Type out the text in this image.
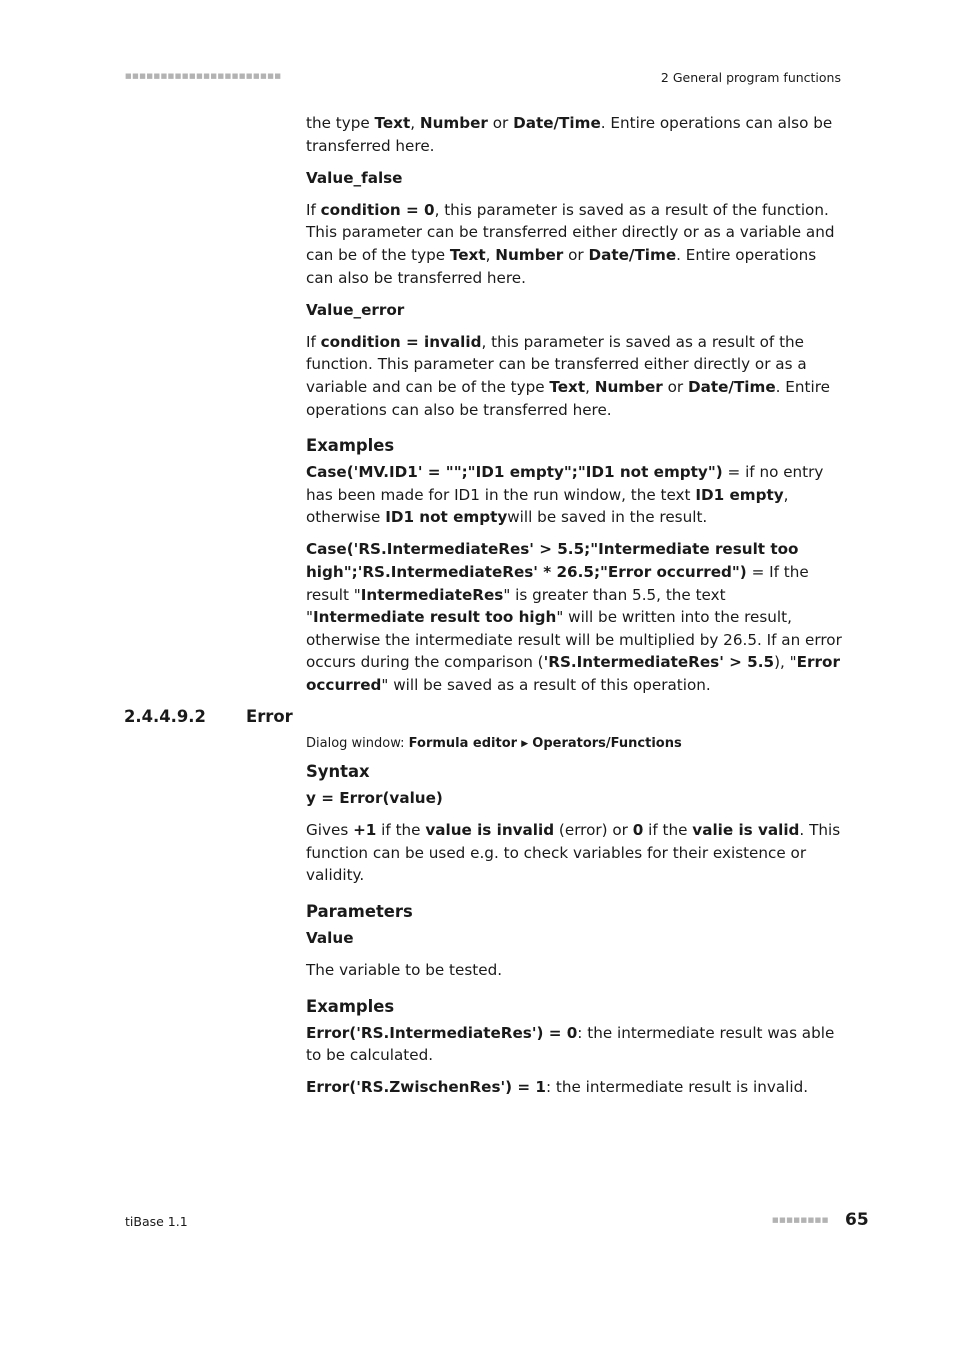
■■■■■■■■■■■■■■■■■■■■■■	2 General program functions

the type Text, Number or Date/Time. Entire operations can also be transferred here.

Value_false

If condition = 0, this parameter is saved as a result of the function. This parameter can be transferred either directly or as a variable and can be of the type Text, Number or Date/Time. Entire operations can also be transferred here.

Value_error

If condition = invalid, this parameter is saved as a result of the function. This parameter can be transferred either directly or as a variable and can be of the type Text, Number or Date/Time. Entire operations can also be transferred here.

Examples

Case('MV.ID1' = "";"ID1 empty";"ID1 not empty") = if no entry has been made for ID1 in the run window, the text ID1 empty, otherwise ID1 not emptywill be saved in the result.

Case('RS.IntermediateRes' > 5.5;"Intermediate result too high";'RS.IntermediateRes' * 26.5;"Error occurred") = If the result "IntermediateRes" is greater than 5.5, the text "Intermediate result too high" will be written into the result, otherwise the intermediate result will be multiplied by 26.5. If an error occurs during the comparison ('RS.IntermediateRes' > 5.5), "Error occurred" will be saved as a result of this operation.

2.4.4.9.2 Error
Dialog window: Formula editor ▶ Operators/Functions
Syntax
y = Error(value)

Gives +1 if the value is invalid (error) or 0 if the valie is valid. This function can be used e.g. to check variables for their existence or validity.

Parameters
Value

The variable to be tested.

Examples

Error('RS.IntermediateRes') = 0: the intermediate result was able to be calculated.

Error('RS.ZwischenRes') = 1: the intermediate result is invalid.

tiBase 1.1	■■■■■■■■ 65
